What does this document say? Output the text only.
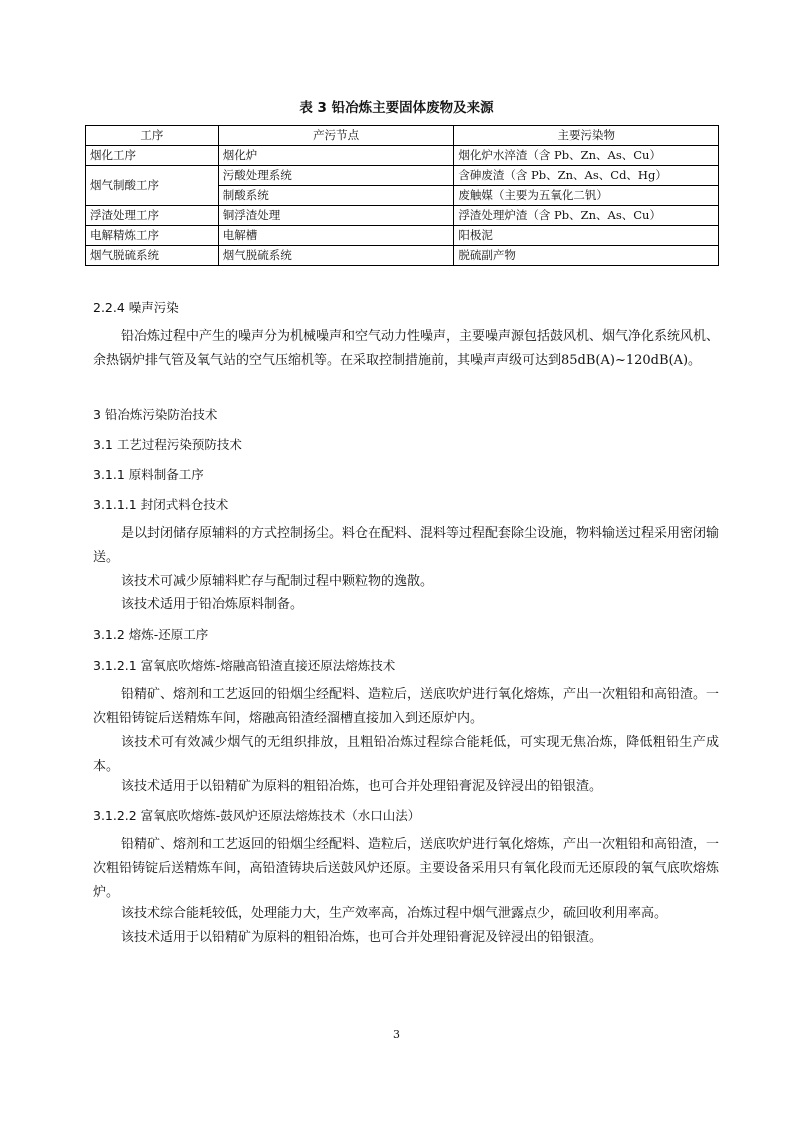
表 3 铅冶炼主要固体废物及来源
工序	产污节点	主要污染物
烟化工序	烟化炉	烟化炉水淬渣（含 Pb、Zn、As、Cu）
烟气制酸工序	污酸处理系统	含砷废渣（含 Pb、Zn、As、Cd、Hg）
	制酸系统	废触媒（主要为五氧化二钒）
浮渣处理工序	铜浮渣处理	浮渣处理炉渣（含 Pb、Zn、As、Cu）
电解精炼工序	电解槽	阳极泥
烟气脱硫系统	烟气脱硫系统	脱硫副产物
2.2.4 噪声污染
铅冶炼过程中产生的噪声分为机械噪声和空气动力性噪声，主要噪声源包括鼓风机、烟气净化系统风机、余热锅炉排气管及氧气站的空气压缩机等。在采取控制措施前，其噪声声级可达到85dB(A)~120dB(A)。
3 铅冶炼污染防治技术
3.1 工艺过程污染预防技术
3.1.1 原料制备工序
3.1.1.1 封闭式料仓技术
是以封闭储存原辅料的方式控制扬尘。料仓在配料、混料等过程配套除尘设施，物料输送过程采用密闭输送。
该技术可减少原辅料贮存与配制过程中颗粒物的逸散。
该技术适用于铅冶炼原料制备。
3.1.2 熔炼-还原工序
3.1.2.1 富氧底吹熔炼-熔融高铅渣直接还原法熔炼技术
铅精矿、熔剂和工艺返回的铅烟尘经配料、造粒后，送底吹炉进行氧化熔炼，产出一次粗铅和高铅渣。一次粗铅铸锭后送精炼车间，熔融高铅渣经溜槽直接加入到还原炉内。
该技术可有效减少烟气的无组织排放，且粗铅冶炼过程综合能耗低，可实现无焦冶炼，降低粗铅生产成本。
该技术适用于以铅精矿为原料的粗铅冶炼，也可合并处理铅膏泥及锌浸出的铅银渣。
3.1.2.2 富氧底吹熔炼-鼓风炉还原法熔炼技术（水口山法）
铅精矿、熔剂和工艺返回的铅烟尘经配料、造粒后，送底吹炉进行氧化熔炼，产出一次粗铅和高铅渣，一次粗铅铸锭后送精炼车间，高铅渣铸块后送鼓风炉还原。主要设备采用只有氧化段而无还原段的氧气底吹熔炼炉。
该技术综合能耗较低，处理能力大，生产效率高，冶炼过程中烟气泄露点少，硫回收利用率高。
该技术适用于以铅精矿为原料的粗铅冶炼，也可合并处理铅膏泥及锌浸出的铅银渣。
3
